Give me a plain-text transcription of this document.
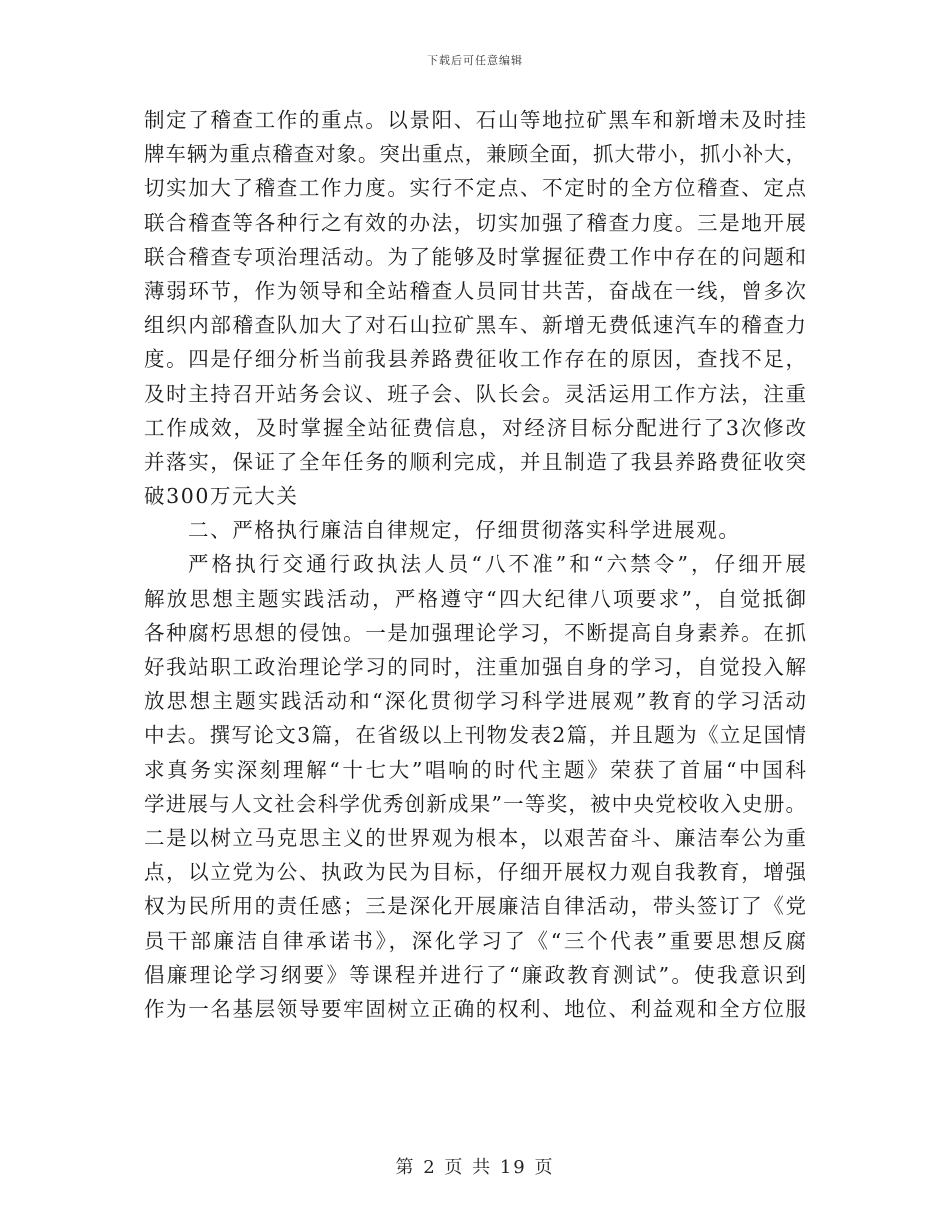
下载后可任意编辑
制定了稽查工作的重点。以景阳、石山等地拉矿黑车和新增未及时挂
牌车辆为重点稽查对象。突出重点，兼顾全面，抓大带小，抓小补大，
切实加大了稽查工作力度。实行不定点、不定时的全方位稽查、定点
联合稽查等各种行之有效的办法，切实加强了稽查力度。三是地开展
联合稽查专项治理活动。为了能够及时掌握征费工作中存在的问题和
薄弱环节，作为领导和全站稽查人员同甘共苦，奋战在一线，曾多次
组织内部稽查队加大了对石山拉矿黑车、新增无费低速汽车的稽查力
度。四是仔细分析当前我县养路费征收工作存在的原因，查找不足，
及时主持召开站务会议、班子会、队长会。灵活运用工作方法，注重
工作成效，及时掌握全站征费信息，对经济目标分配进行了3次修改
并落实，保证了全年任务的顺利完成，并且制造了我县养路费征收突
破300万元大关
二、严格执行廉洁自律规定，仔细贯彻落实科学进展观。
严格执行交通行政执法人员“八不准”和“六禁令”，仔细开展
解放思想主题实践活动，严格遵守“四大纪律八项要求”，自觉抵御
各种腐朽思想的侵蚀。一是加强理论学习，不断提高自身素养。在抓
好我站职工政治理论学习的同时，注重加强自身的学习，自觉投入解
放思想主题实践活动和“深化贯彻学习科学进展观”教育的学习活动
中去。撰写论文3篇，在省级以上刊物发表2篇，并且题为《立足国情
求真务实深刻理解“十七大”唱响的时代主题》荣获了首届“中国科
学进展与人文社会科学优秀创新成果”一等奖，被中央党校收入史册。
二是以树立马克思主义的世界观为根本，以艰苦奋斗、廉洁奉公为重
点，以立党为公、执政为民为目标，仔细开展权力观自我教育，增强
权为民所用的责任感；三是深化开展廉洁自律活动，带头签订了《党
员干部廉洁自律承诺书》，深化学习了《“三个代表”重要思想反腐
倡廉理论学习纲要》等课程并进行了“廉政教育测试”。使我意识到
作为一名基层领导要牢固树立正确的权利、地位、利益观和全方位服
第 2 页 共 19 页
